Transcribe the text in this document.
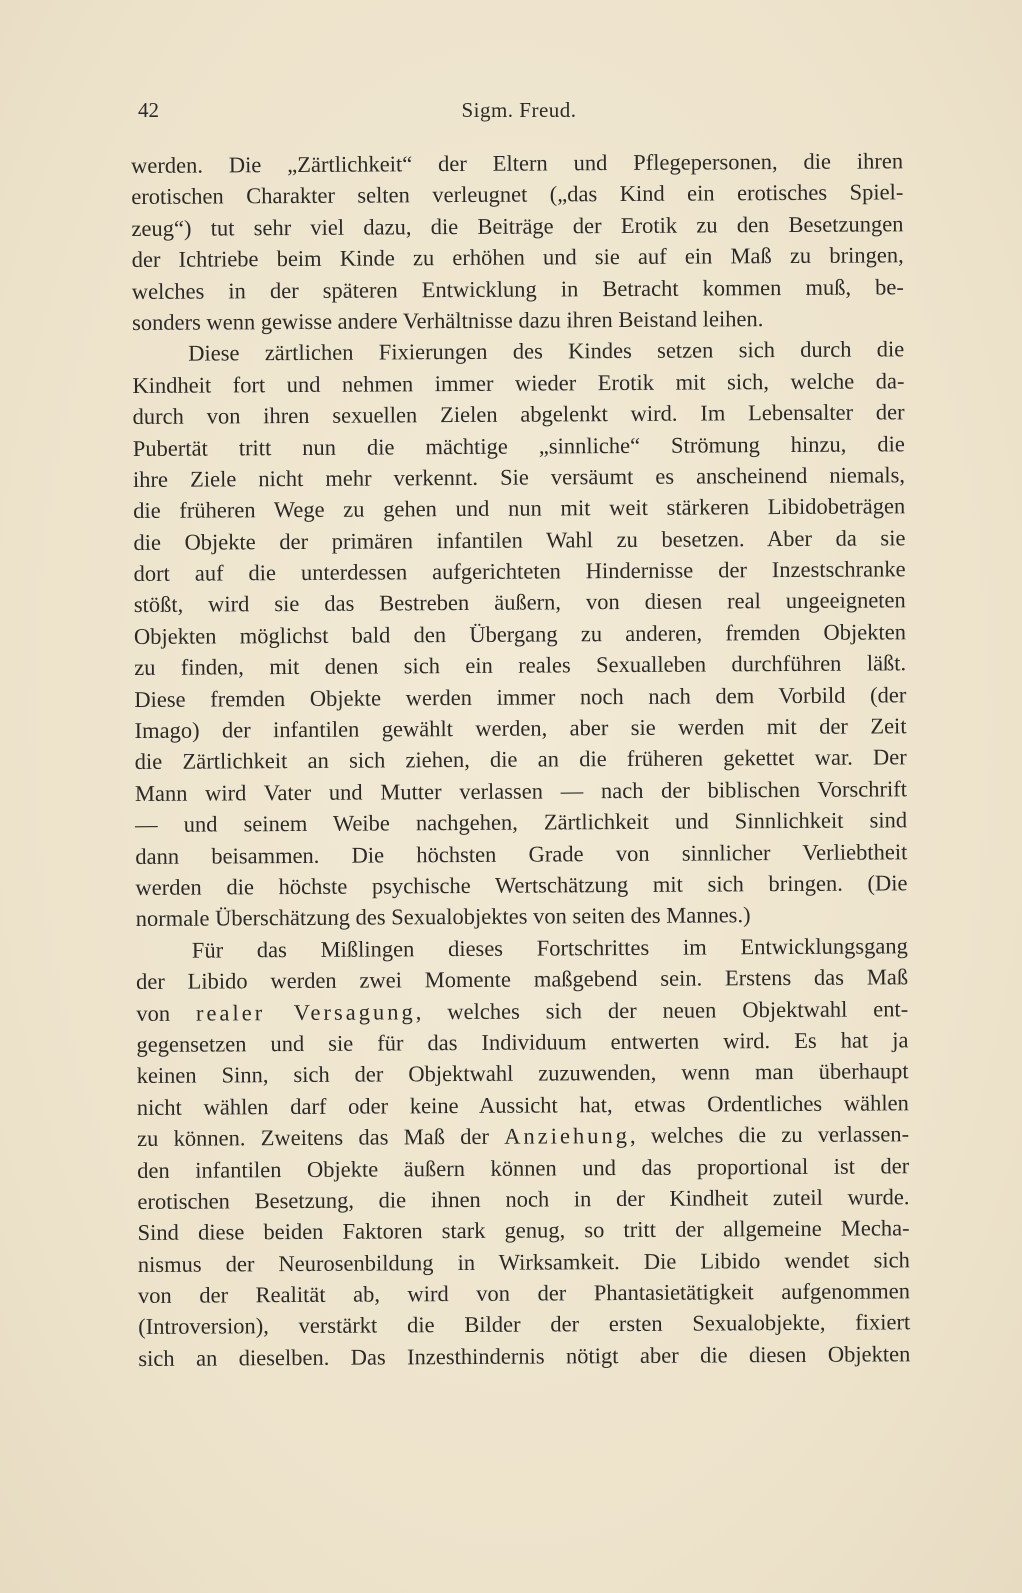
42	Sigm. Freud.
werden. Die „Zärtlichkeit“ der Eltern und Pflegepersonen, die ihren
erotischen Charakter selten verleugnet („das Kind ein erotisches Spiel-
zeug“) tut sehr viel dazu, die Beiträge der Erotik zu den Besetzungen
der Ichtriebe beim Kinde zu erhöhen und sie auf ein Maß zu bringen,
welches in der späteren Entwicklung in Betracht kommen muß, be-
sonders wenn gewisse andere Verhältnisse dazu ihren Beistand leihen.
Diese zärtlichen Fixierungen des Kindes setzen sich durch die
Kindheit fort und nehmen immer wieder Erotik mit sich, welche da-
durch von ihren sexuellen Zielen abgelenkt wird. Im Lebensalter der
Pubertät tritt nun die mächtige „sinnliche“ Strömung hinzu, die
ihre Ziele nicht mehr verkennt. Sie versäumt es anscheinend niemals,
die früheren Wege zu gehen und nun mit weit stärkeren Libidobeträgen
die Objekte der primären infantilen Wahl zu besetzen. Aber da sie
dort auf die unterdessen aufgerichteten Hindernisse der Inzestschranke
stößt, wird sie das Bestreben äußern, von diesen real ungeeigneten
Objekten möglichst bald den Übergang zu anderen, fremden Objekten
zu finden, mit denen sich ein reales Sexualleben durchführen läßt.
Diese fremden Objekte werden immer noch nach dem Vorbild (der
Imago) der infantilen gewählt werden, aber sie werden mit der Zeit
die Zärtlichkeit an sich ziehen, die an die früheren gekettet war. Der
Mann wird Vater und Mutter verlassen — nach der biblischen Vorschrift
— und seinem Weibe nachgehen, Zärtlichkeit und Sinnlichkeit sind
dann beisammen. Die höchsten Grade von sinnlicher Verliebtheit
werden die höchste psychische Wertschätzung mit sich bringen. (Die
normale Überschätzung des Sexualobjektes von seiten des Mannes.)
Für das Mißlingen dieses Fortschrittes im Entwicklungsgang
der Libido werden zwei Momente maßgebend sein. Erstens das Maß
von realer Versagung, welches sich der neuen Objektwahl ent-
gegensetzen und sie für das Individuum entwerten wird. Es hat ja
keinen Sinn, sich der Objektwahl zuzuwenden, wenn man überhaupt
nicht wählen darf oder keine Aussicht hat, etwas Ordentliches wählen
zu können. Zweitens das Maß der Anziehung, welches die zu verlassen-
den infantilen Objekte äußern können und das proportional ist der
erotischen Besetzung, die ihnen noch in der Kindheit zuteil wurde.
Sind diese beiden Faktoren stark genug, so tritt der allgemeine Mecha-
nismus der Neurosenbildung in Wirksamkeit. Die Libido wendet sich
von der Realität ab, wird von der Phantasietätigkeit aufgenommen
(Introversion), verstärkt die Bilder der ersten Sexualobjekte, fixiert
sich an dieselben. Das Inzesthindernis nötigt aber die diesen Objekten
